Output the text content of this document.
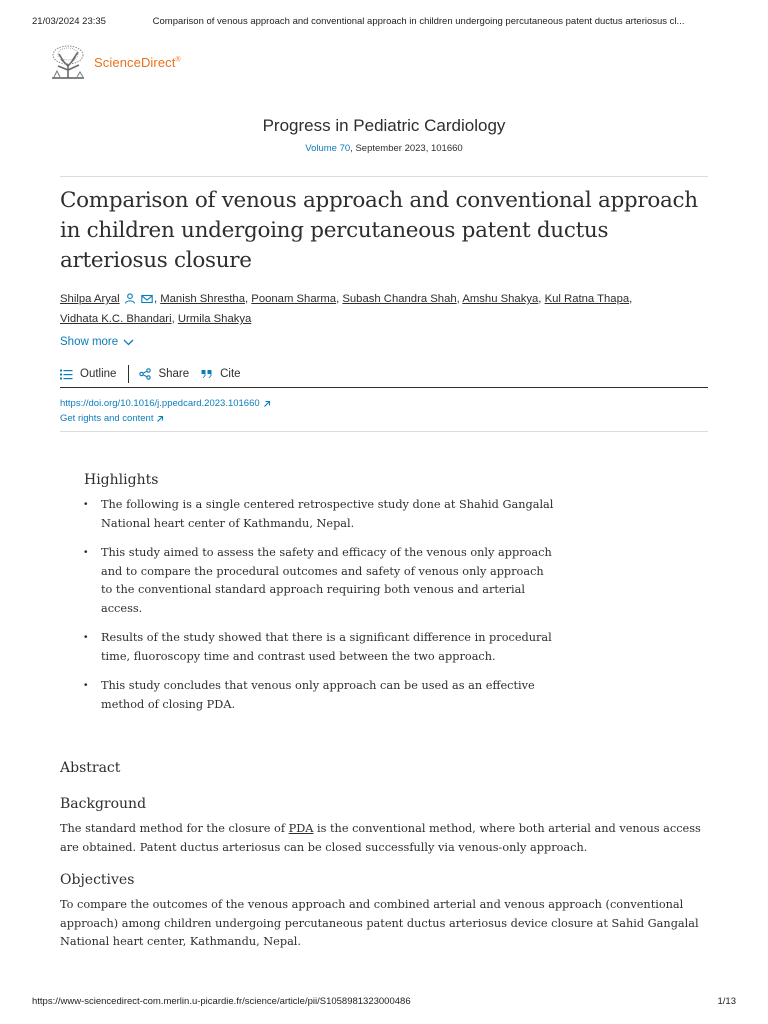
21/03/2024 23:35	Comparison of venous approach and conventional approach in children undergoing percutaneous patent ductus arteriosus cl...
ScienceDirect®
Progress in Pediatric Cardiology
Volume 70, September 2023, 101660
Comparison of venous approach and conventional approach in children undergoing percutaneous patent ductus arteriosus closure
Shilpa Aryal	, Manish Shrestha, Poonam Sharma, Subash Chandra Shah, Amshu Shakya, Kul Ratna Thapa,
Vidhata K.C. Bhandari, Urmila Shakya
Show more
Outline	Share	Cite
https://doi.org/10.1016/j.ppedcard.2023.101660
Get rights and content
Highlights
• The following is a single centered retrospective study done at Shahid Gangalal National heart center of Kathmandu, Nepal.
• This study aimed to assess the safety and efficacy of the venous only approach and to compare the procedural outcomes and safety of venous only approach to the conventional standard approach requiring both venous and arterial access.
• Results of the study showed that there is a significant difference in procedural time, fluoroscopy time and contrast used between the two approach.
• This study concludes that venous only approach can be used as an effective method of closing PDA.
Abstract
Background

The standard method for the closure of PDA is the conventional method, where both arterial and venous access are obtained. Patent ductus arteriosus can be closed successfully via venous-only approach.

Objectives

To compare the outcomes of the venous approach and combined arterial and venous approach (conventional approach) among children undergoing percutaneous patent ductus arteriosus device closure at Sahid Gangalal National heart center, Kathmandu, Nepal.

https://www-sciencedirect-com.merlin.u-picardie.fr/science/article/pii/S1058981323000486	1/13
